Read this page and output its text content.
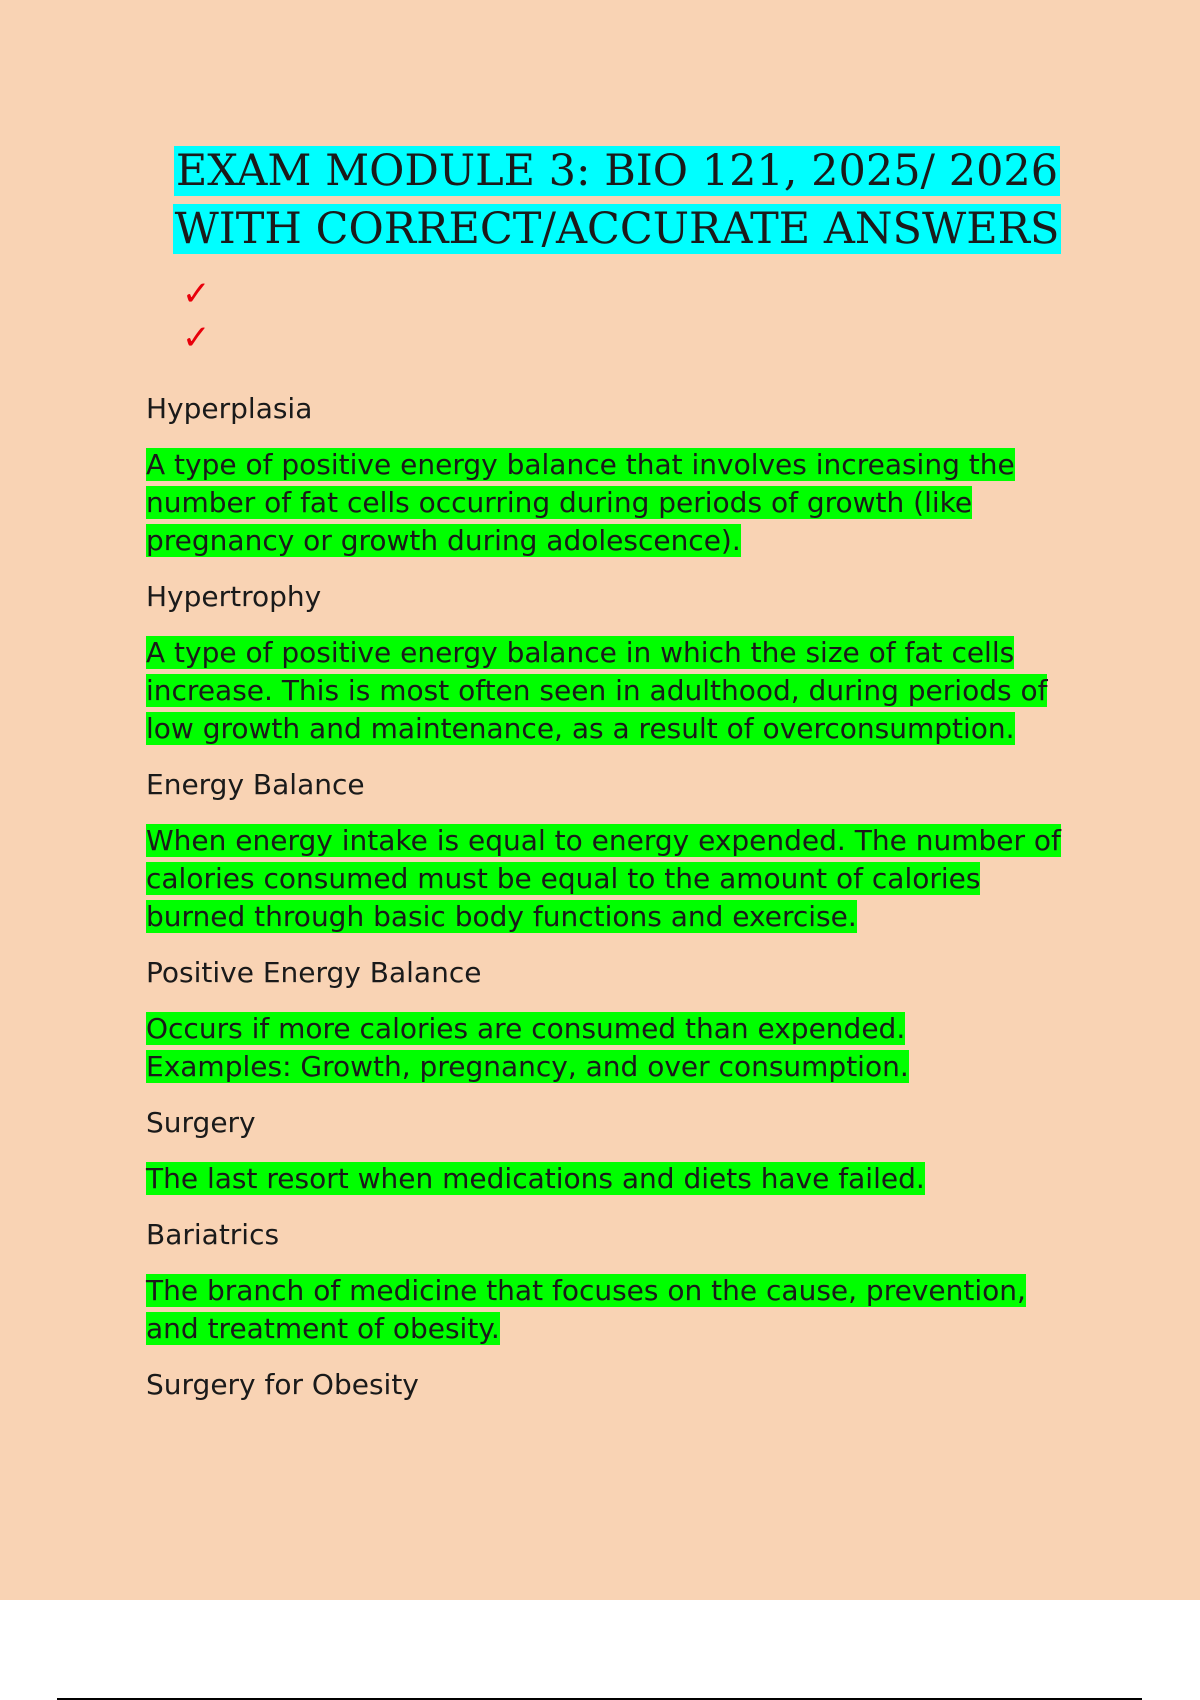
EXAM MODULE 3: BIO 121, 2025/ 2026
WITH CORRECT/ACCURATE ANSWERS
✓
✓

Hyperplasia

A type of positive energy balance that involves increasing the
number of fat cells occurring during periods of growth (like
pregnancy or growth during adolescence).

Hypertrophy

A type of positive energy balance in which the size of fat cells
increase. This is most often seen in adulthood, during periods of
low growth and maintenance, as a result of overconsumption.

Energy Balance

When energy intake is equal to energy expended. The number of
calories consumed must be equal to the amount of calories
burned through basic body functions and exercise.

Positive Energy Balance

Occurs if more calories are consumed than expended.
Examples: Growth, pregnancy, and over consumption.

Surgery

The last resort when medications and diets have failed.

Bariatrics

The branch of medicine that focuses on the cause, prevention,
and treatment of obesity.

Surgery for Obesity
